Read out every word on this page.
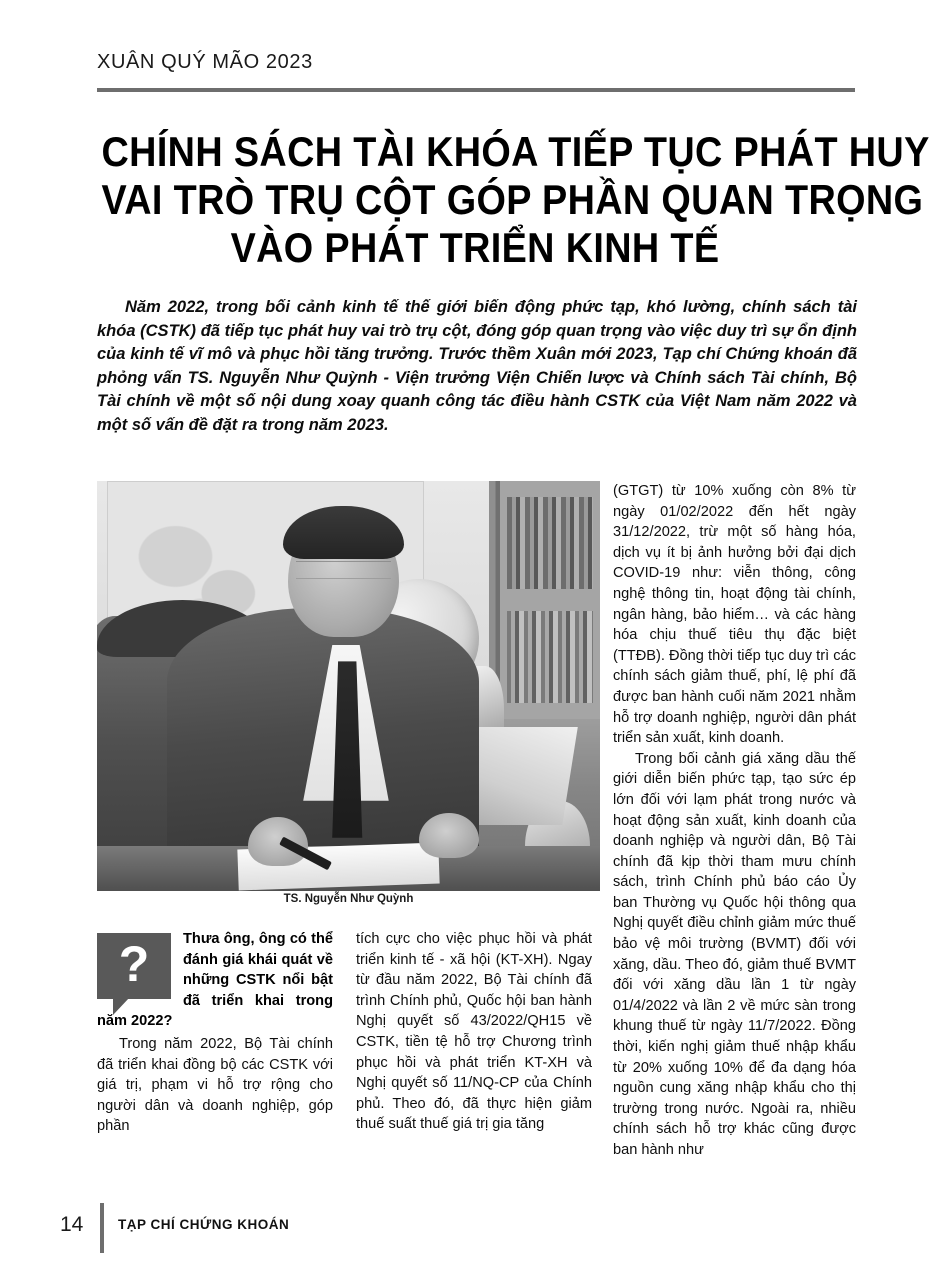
XUÂN QUÝ MÃO 2023
CHÍNH SÁCH TÀI KHÓA TIẾP TỤC PHÁT HUY
VAI TRÒ TRỤ CỘT GÓP PHẦN QUAN TRỌNG
VÀO PHÁT TRIỂN KINH TẾ
Năm 2022, trong bối cảnh kinh tế thế giới biến động phức tạp, khó lường, chính sách tài khóa (CSTK) đã tiếp tục phát huy vai trò trụ cột, đóng góp quan trọng vào việc duy trì sự ổn định của kinh tế vĩ mô và phục hồi tăng trưởng. Trước thềm Xuân mới 2023, Tạp chí Chứng khoán đã phỏng vấn TS. Nguyễn Như Quỳnh - Viện trưởng Viện Chiến lược và Chính sách Tài chính, Bộ Tài chính về một số nội dung xoay quanh công tác điều hành CSTK của Việt Nam năm 2022 và một số vấn đề đặt ra trong năm 2023.
TS. Nguyễn Như Quỳnh
?	Thưa ông, ông có thể đánh giá khái quát về những CSTK nổi bật đã triển khai trong năm 2022?

Trong năm 2022, Bộ Tài chính đã triển khai đồng bộ các CSTK với giá trị, phạm vi hỗ trợ rộng cho người dân và doanh nghiệp, góp phần

tích cực cho việc phục hồi và phát triển kinh tế - xã hội (KT-XH). Ngay từ đầu năm 2022, Bộ Tài chính đã trình Chính phủ, Quốc hội ban hành Nghị quyết số 43/2022/QH15 về CSTK, tiền tệ hỗ trợ Chương trình phục hồi và phát triển KT-XH và Nghị quyết số 11/NQ-CP của Chính phủ. Theo đó, đã thực hiện giảm thuế suất thuế giá trị gia tăng

(GTGT) từ 10% xuống còn 8% từ ngày 01/02/2022 đến hết ngày 31/12/2022, trừ một số hàng hóa, dịch vụ ít bị ảnh hưởng bởi đại dịch COVID-19 như: viễn thông, công nghệ thông tin, hoạt động tài chính, ngân hàng, bảo hiểm… và các hàng hóa chịu thuế tiêu thụ đặc biệt (TTĐB). Đồng thời tiếp tục duy trì các chính sách giảm thuế, phí, lệ phí đã được ban hành cuối năm 2021 nhằm hỗ trợ doanh nghiệp, người dân phát triển sản xuất, kinh doanh.

Trong bối cảnh giá xăng dầu thế giới diễn biến phức tạp, tạo sức ép lớn đối với lạm phát trong nước và hoạt động sản xuất, kinh doanh của doanh nghiệp và người dân, Bộ Tài chính đã kịp thời tham mưu chính sách, trình Chính phủ báo cáo Ủy ban Thường vụ Quốc hội thông qua Nghị quyết điều chỉnh giảm mức thuế bảo vệ môi trường (BVMT) đối với xăng, dầu. Theo đó, giảm thuế BVMT đối với xăng dầu lần 1 từ ngày 01/4/2022 và lần 2 về mức sàn trong khung thuế từ ngày 11/7/2022. Đồng thời, kiến nghị giảm thuế nhập khẩu từ 20% xuống 10% để đa dạng hóa nguồn cung xăng nhập khẩu cho thị trường trong nước. Ngoài ra, nhiều chính sách hỗ trợ khác cũng được ban hành như

14	TẠP CHÍ CHỨNG KHOÁN
